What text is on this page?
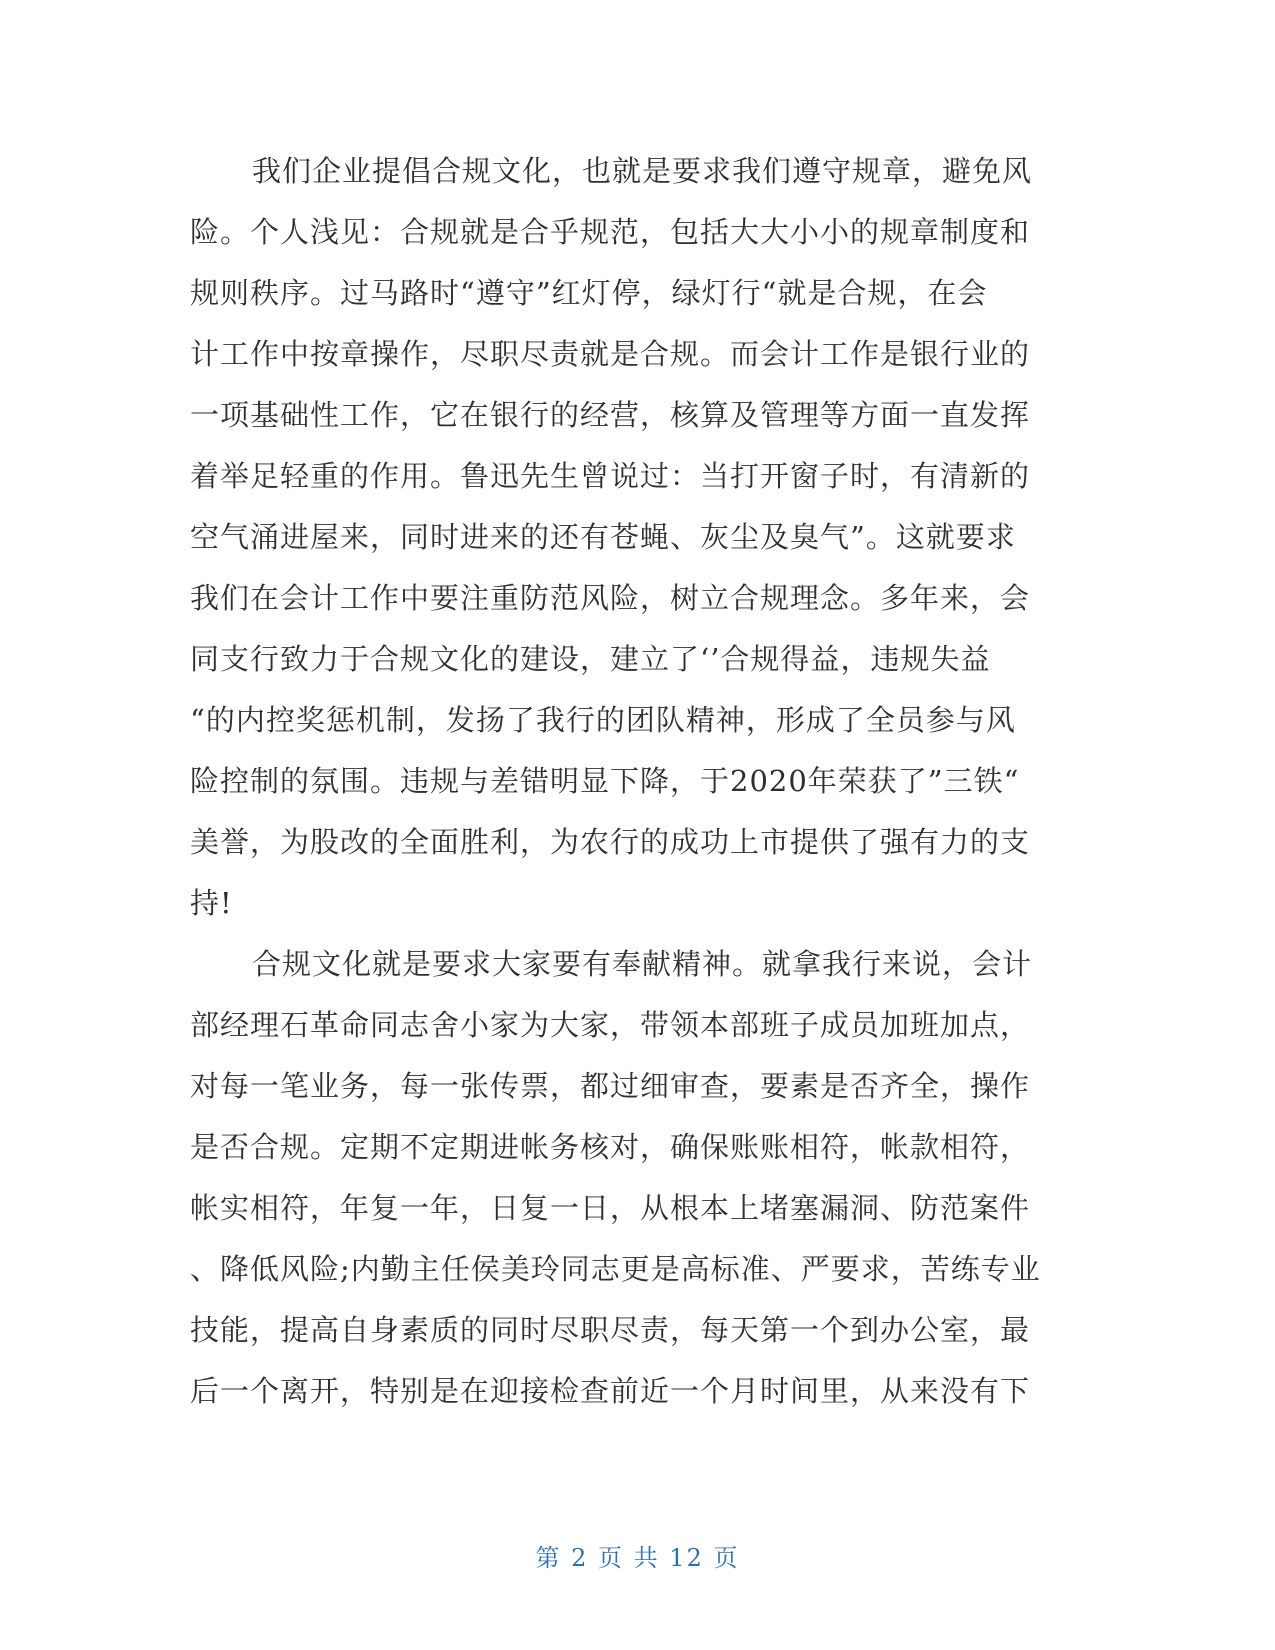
我们企业提倡合规文化，也就是要求我们遵守规章，避免风
险。个人浅见：合规就是合乎规范，包括大大小小的规章制度和
规则秩序。过马路时“遵守”红灯停，绿灯行“就是合规，在会
计工作中按章操作，尽职尽责就是合规。而会计工作是银行业的
一项基础性工作，它在银行的经营，核算及管理等方面一直发挥
着举足轻重的作用。鲁迅先生曾说过：当打开窗子时，有清新的
空气涌进屋来，同时进来的还有苍蝇、灰尘及臭气”。这就要求
我们在会计工作中要注重防范风险，树立合规理念。多年来，会
同支行致力于合规文化的建设，建立了‘’合规得益，违规失益
“的内控奖惩机制，发扬了我行的团队精神，形成了全员参与风
险控制的氛围。违规与差错明显下降，于2020年荣获了”三铁“
美誉，为股改的全面胜利，为农行的成功上市提供了强有力的支
持!
合规文化就是要求大家要有奉献精神。就拿我行来说，会计
部经理石革命同志舍小家为大家，带领本部班子成员加班加点，
对每一笔业务，每一张传票，都过细审查，要素是否齐全，操作
是否合规。定期不定期进帐务核对，确保账账相符，帐款相符，
帐实相符，年复一年，日复一日，从根本上堵塞漏洞、防范案件
、降低风险;内勤主任侯美玲同志更是高标准、严要求，苦练专业
技能，提高自身素质的同时尽职尽责，每天第一个到办公室，最
后一个离开，特别是在迎接检查前近一个月时间里，从来没有下
第 2 页 共 12 页
